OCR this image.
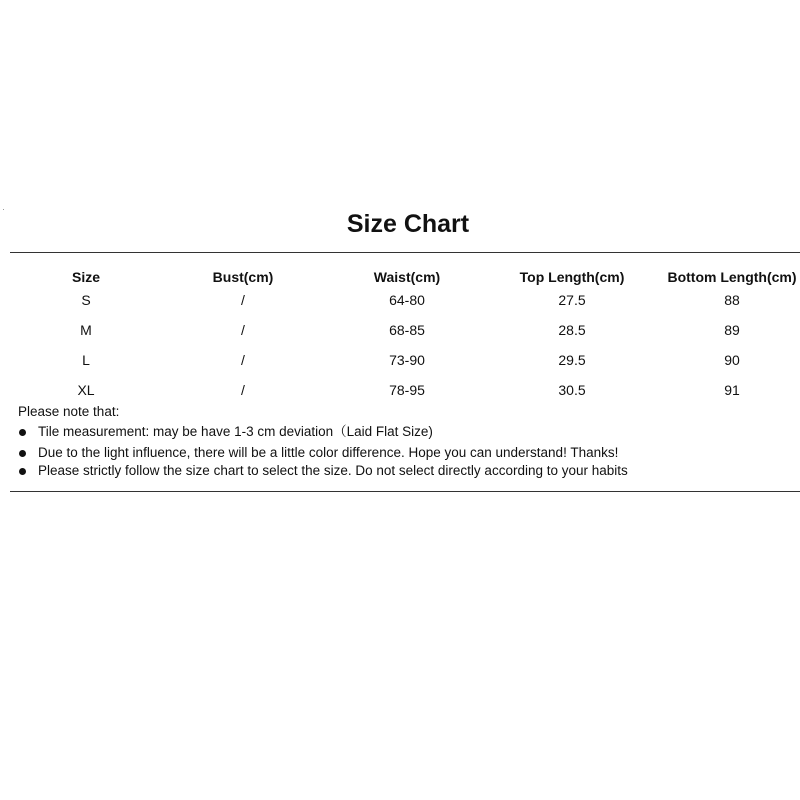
Size Chart
Size	Bust(cm)	Waist(cm)	Top Length(cm)	Bottom Length(cm)
S	/	64-80	27.5	88
M	/	68-85	28.5	89
L	/	73-90	29.5	90
XL	/	78-95	30.5	91
Please note that:
Tile measurement: may be have 1-3 cm deviation（Laid Flat Size)
Due to the light influence, there will be a little color difference. Hope you can understand! Thanks!
Please strictly follow the size chart to select the size. Do not select directly according to your habits
